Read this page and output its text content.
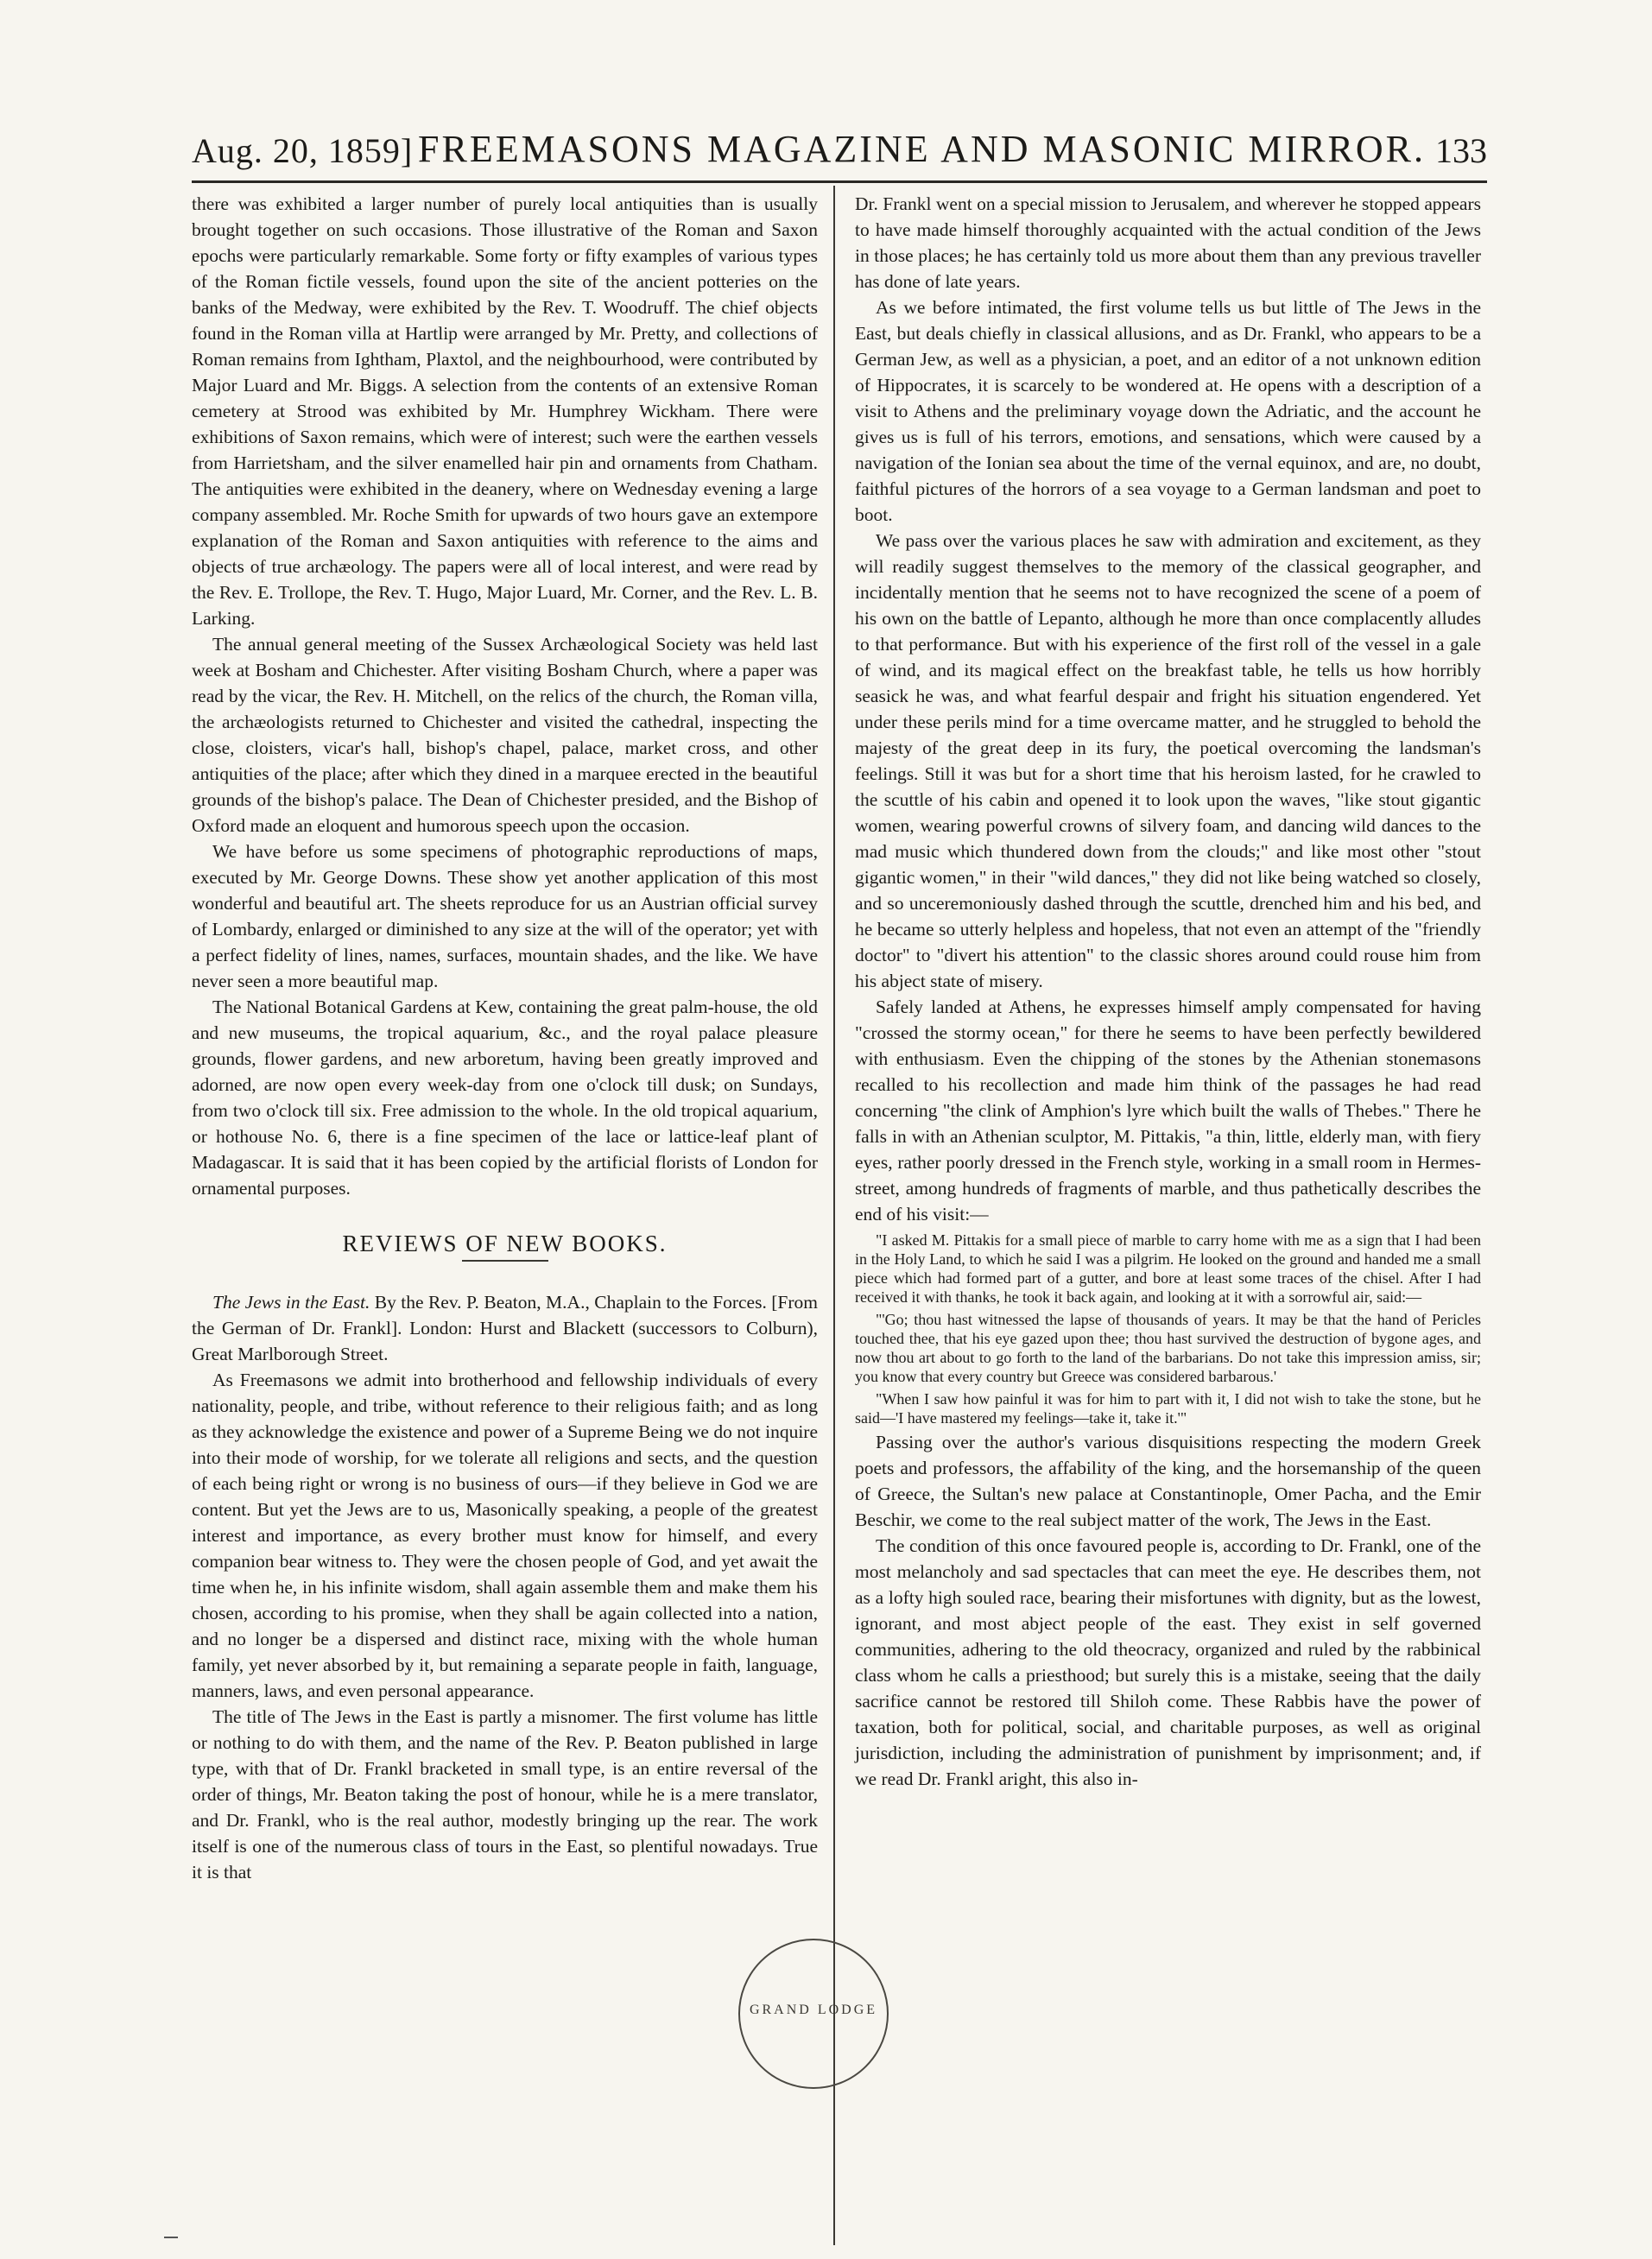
Aug. 20, 1859] FREEMASONS MAGAZINE AND MASONIC MIRROR. 133

there was exhibited a larger number of purely local antiquities than is usually brought together on such occasions. Those illustrative of the Roman and Saxon epochs were particularly remarkable. Some forty or fifty examples of various types of the Roman fictile vessels, found upon the site of the ancient potteries on the banks of the Medway, were exhibited by the Rev. T. Woodruff. The chief objects found in the Roman villa at Hartlip were arranged by Mr. Pretty, and collections of Roman remains from Ightham, Plaxtol, and the neighbourhood, were contributed by Major Luard and Mr. Biggs. A selection from the contents of an extensive Roman cemetery at Strood was exhibited by Mr. Humphrey Wickham. There were exhibitions of Saxon remains, which were of interest; such were the earthen vessels from Harrietsham, and the silver enamelled hair pin and ornaments from Chatham. The antiquities were exhibited in the deanery, where on Wednesday evening a large company assembled. Mr. Roche Smith for upwards of two hours gave an extempore explanation of the Roman and Saxon antiquities with reference to the aims and objects of true archæology. The papers were all of local interest, and were read by the Rev. E. Trollope, the Rev. T. Hugo, Major Luard, Mr. Corner, and the Rev. L. B. Larking.

The annual general meeting of the Sussex Archæological Society was held last week at Bosham and Chichester. After visiting Bosham Church, where a paper was read by the vicar, the Rev. H. Mitchell, on the relics of the church, the Roman villa, the archæologists returned to Chichester and visited the cathedral, inspecting the close, cloisters, vicar's hall, bishop's chapel, palace, market cross, and other antiquities of the place; after which they dined in a marquee erected in the beautiful grounds of the bishop's palace. The Dean of Chichester presided, and the Bishop of Oxford made an eloquent and humorous speech upon the occasion.

We have before us some specimens of photographic reproductions of maps, executed by Mr. George Downs. These show yet another application of this most wonderful and beautiful art. The sheets reproduce for us an Austrian official survey of Lombardy, enlarged or diminished to any size at the will of the operator; yet with a perfect fidelity of lines, names, surfaces, mountain shades, and the like. We have never seen a more beautiful map.

The National Botanical Gardens at Kew, containing the great palm-house, the old and new museums, the tropical aquarium, &c., and the royal palace pleasure grounds, flower gardens, and new arboretum, having been greatly improved and adorned, are now open every week-day from one o'clock till dusk; on Sundays, from two o'clock till six. Free admission to the whole. In the old tropical aquarium, or hothouse No. 6, there is a fine specimen of the lace or lattice-leaf plant of Madagascar. It is said that it has been copied by the artificial florists of London for ornamental purposes.

REVIEWS OF NEW BOOKS.

The Jews in the East. By the Rev. P. Beaton, M.A., Chaplain to the Forces. [From the German of Dr. Frankl]. London: Hurst and Blackett (successors to Colburn), Great Marlborough Street.

As Freemasons we admit into brotherhood and fellowship individuals of every nationality, people, and tribe, without reference to their religious faith; and as long as they acknowledge the existence and power of a Supreme Being we do not inquire into their mode of worship, for we tolerate all religions and sects, and the question of each being right or wrong is no business of ours—if they believe in God we are content. But yet the Jews are to us, Masonically speaking, a people of the greatest interest and importance, as every brother must know for himself, and every companion bear witness to. They were the chosen people of God, and yet await the time when he, in his infinite wisdom, shall again assemble them and make them his chosen, according to his promise, when they shall be again collected into a nation, and no longer be a dispersed and distinct race, mixing with the whole human family, yet never absorbed by it, but remaining a separate people in faith, language, manners, laws, and even personal appearance.

The title of The Jews in the East is partly a misnomer. The first volume has little or nothing to do with them, and the name of the Rev. P. Beaton published in large type, with that of Dr. Frankl bracketed in small type, is an entire reversal of the order of things, Mr. Beaton taking the post of honour, while he is a mere translator, and Dr. Frankl, who is the real author, modestly bringing up the rear. The work itself is one of the numerous class of tours in the East, so plentiful nowadays. True it is that

Dr. Frankl went on a special mission to Jerusalem, and wherever he stopped appears to have made himself thoroughly acquainted with the actual condition of the Jews in those places; he has certainly told us more about them than any previous traveller has done of late years.

As we before intimated, the first volume tells us but little of The Jews in the East, but deals chiefly in classical allusions, and as Dr. Frankl, who appears to be a German Jew, as well as a physician, a poet, and an editor of a not unknown edition of Hippocrates, it is scarcely to be wondered at. He opens with a description of a visit to Athens and the preliminary voyage down the Adriatic, and the account he gives us is full of his terrors, emotions, and sensations, which were caused by a navigation of the Ionian sea about the time of the vernal equinox, and are, no doubt, faithful pictures of the horrors of a sea voyage to a German landsman and poet to boot.

We pass over the various places he saw with admiration and excitement, as they will readily suggest themselves to the memory of the classical geographer, and incidentally mention that he seems not to have recognized the scene of a poem of his own on the battle of Lepanto, although he more than once complacently alludes to that performance. But with his experience of the first roll of the vessel in a gale of wind, and its magical effect on the breakfast table, he tells us how horribly seasick he was, and what fearful despair and fright his situation engendered. Yet under these perils mind for a time overcame matter, and he struggled to behold the majesty of the great deep in its fury, the poetical overcoming the landsman's feelings. Still it was but for a short time that his heroism lasted, for he crawled to the scuttle of his cabin and opened it to look upon the waves, "like stout gigantic women, wearing powerful crowns of silvery foam, and dancing wild dances to the mad music which thundered down from the clouds;" and like most other "stout gigantic women," in their "wild dances," they did not like being watched so closely, and so unceremoniously dashed through the scuttle, drenched him and his bed, and he became so utterly helpless and hopeless, that not even an attempt of the "friendly doctor" to "divert his attention" to the classic shores around could rouse him from his abject state of misery.

Safely landed at Athens, he expresses himself amply compensated for having "crossed the stormy ocean," for there he seems to have been perfectly bewildered with enthusiasm. Even the chipping of the stones by the Athenian stonemasons recalled to his recollection and made him think of the passages he had read concerning "the clink of Amphion's lyre which built the walls of Thebes." There he falls in with an Athenian sculptor, M. Pittakis, "a thin, little, elderly man, with fiery eyes, rather poorly dressed in the French style, working in a small room in Hermes-street, among hundreds of fragments of marble, and thus pathetically describes the end of his visit:—

"I asked M. Pittakis for a small piece of marble to carry home with me as a sign that I had been in the Holy Land, to which he said I was a pilgrim. He looked on the ground and handed me a small piece which had formed part of a gutter, and bore at least some traces of the chisel. After I had received it with thanks, he took it back again, and looking at it with a sorrowful air, said:—

"'Go; thou hast witnessed the lapse of thousands of years. It may be that the hand of Pericles touched thee, that his eye gazed upon thee; thou hast survived the destruction of bygone ages, and now thou art about to go forth to the land of the barbarians. Do not take this impression amiss, sir; you know that every country but Greece was considered barbarous.'

"When I saw how painful it was for him to part with it, I did not wish to take the stone, but he said—'I have mastered my feelings—take it, take it.'"

Passing over the author's various disquisitions respecting the modern Greek poets and professors, the affability of the king, and the horsemanship of the queen of Greece, the Sultan's new palace at Constantinople, Omer Pacha, and the Emir Beschir, we come to the real subject matter of the work, The Jews in the East.

The condition of this once favoured people is, according to Dr. Frankl, one of the most melancholy and sad spectacles that can meet the eye. He describes them, not as a lofty high souled race, bearing their misfortunes with dignity, but as the lowest, ignorant, and most abject people of the east. They exist in self governed communities, adhering to the old theocracy, organized and ruled by the rabbinical class whom he calls a priesthood; but surely this is a mistake, seeing that the daily sacrifice cannot be restored till Shiloh come. These Rabbis have the power of taxation, both for political, social, and charitable purposes, as well as original jurisdiction, including the administration of punishment by imprisonment; and, if we read Dr. Frankl aright, this also in-

GRAND LODGE
